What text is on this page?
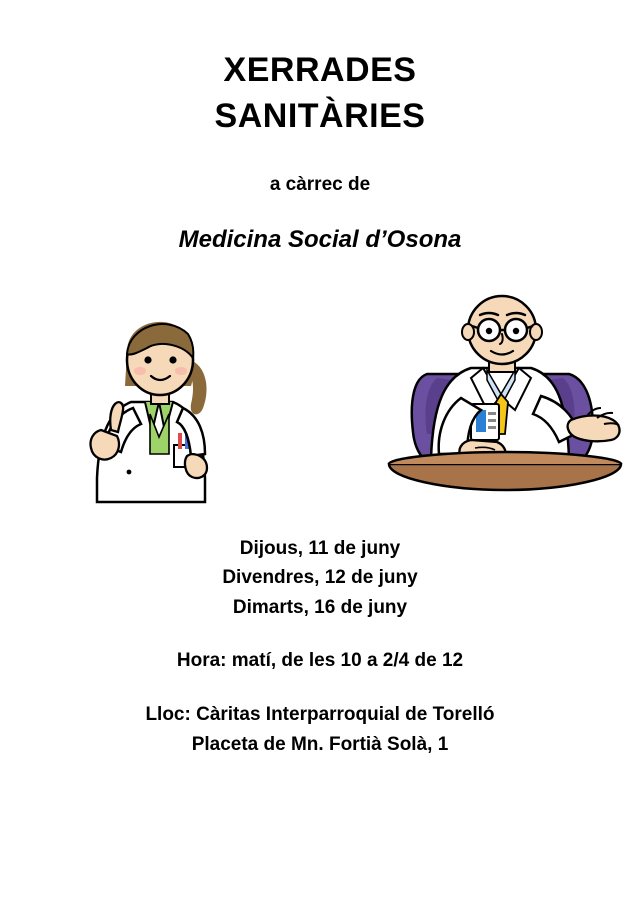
XERRADES
SANITÀRIES
a càrrec de
Medicina Social d’Osona
Dijous, 11 de juny
Divendres, 12 de juny
Dimarts, 16 de juny
Hora: matí, de les 10 a 2/4 de 12
Lloc: Càritas Interparroquial de Torelló
Placeta de Mn. Fortià Solà, 1
